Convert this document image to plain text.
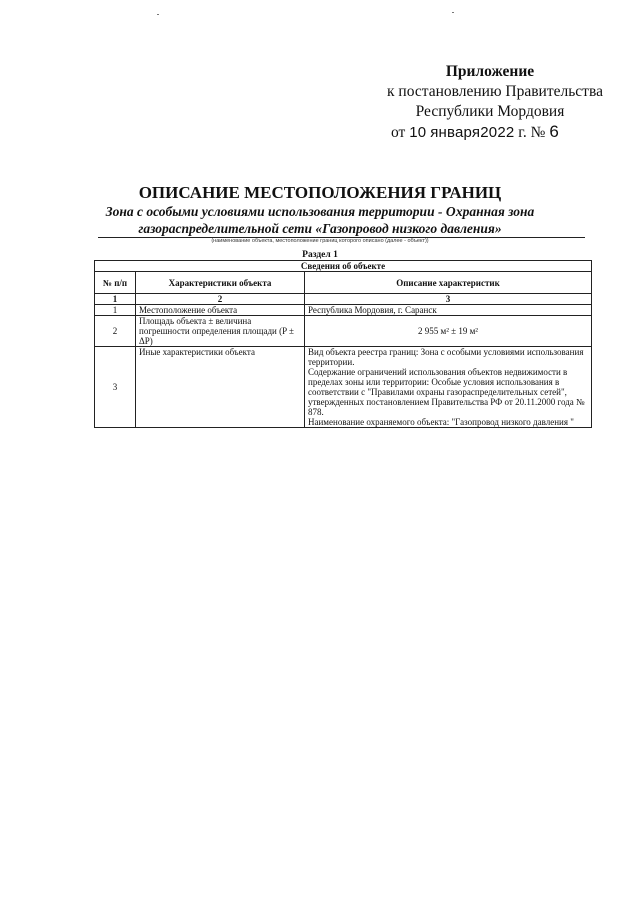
Приложение
к постановлению Правительства
Республики Мордовия
от 10 января2022 г. № 6
ОПИСАНИЕ МЕСТОПОЛОЖЕНИЯ ГРАНИЦ
Зона с особыми условиями использования территории - Охранная зона
газораспределительной сети «Газопровод низкого давления»
(наименование объекта, местоположение границ которого описано (далее - объект))
Раздел 1
Сведения об объекте		
№ п/п	Характеристики объекта	Описание характеристик
1	2	3
1	Местоположение объекта	Республика Мордовия, г. Саранск
2	Площадь объекта ± величина погрешности определения площади (P ± ΔP)	2 955 м² ± 19 м²
3	Иные характеристики объекта	Вид объекта реестра границ: Зона с особыми условиями использования территории.
Содержание ограничений использования объектов недвижимости в пределах зоны или территории: Особые условия использования в соответствии с "Правилами охраны газораспределительных сетей", утвержденных постановлением Правительства РФ от 20.11.2000 года № 878.
Наименование охраняемого объекта: "Газопровод низкого давления "
